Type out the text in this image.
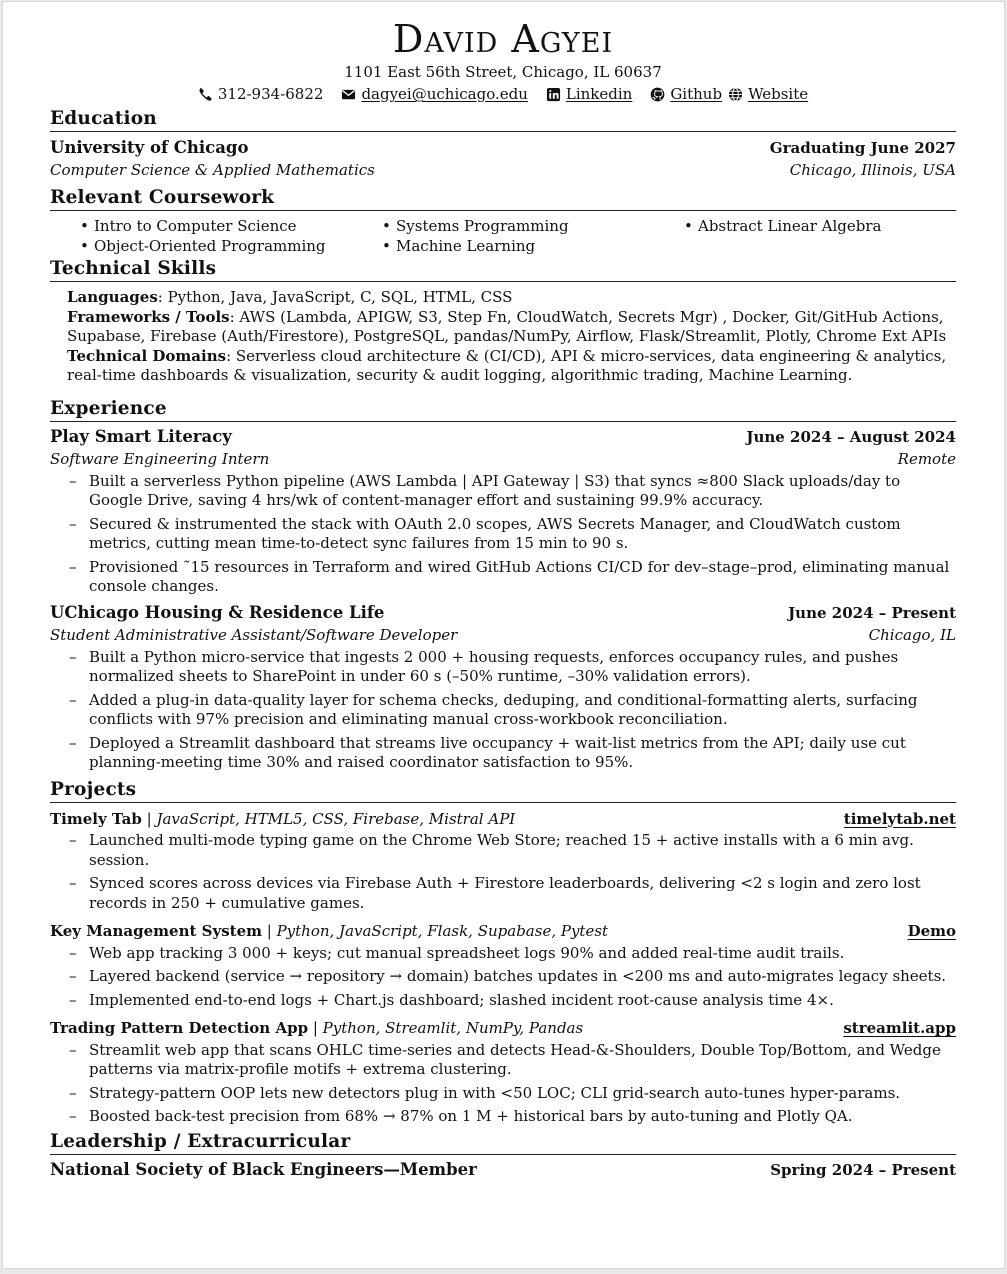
David Agyei
1101 East 56th Street, Chicago, IL 60637
312-934-6822	dagyei@uchicago.edu	Linkedin	Github Website
Education
University of Chicago	Graduating June 2027
Computer Science & Applied Mathematics	Chicago, Illinois, USA
Relevant Coursework
• Intro to Computer Science	• Systems Programming	• Abstract Linear Algebra
• Object-Oriented Programming	• Machine Learning
Technical Skills
Languages: Python, Java, JavaScript, C, SQL, HTML, CSS
Frameworks / Tools: AWS (Lambda, APIGW, S3, Step Fn, CloudWatch, Secrets Mgr) , Docker, Git/GitHub Actions, Supabase, Firebase (Auth/Firestore), PostgreSQL, pandas/NumPy, Airflow, Flask/Streamlit, Plotly, Chrome Ext APIs
Technical Domains: Serverless cloud architecture & (CI/CD), API & micro-services, data engineering & analytics, real-time dashboards & visualization, security & audit logging, algorithmic trading, Machine Learning.
Experience
Play Smart Literacy	June 2024 – August 2024
Software Engineering Intern	Remote
– Built a serverless Python pipeline (AWS Lambda | API Gateway | S3) that syncs ≈800 Slack uploads/day to Google Drive, saving 4 hrs/wk of content-manager effort and sustaining 99.9% accuracy.
– Secured & instrumented the stack with OAuth 2.0 scopes, AWS Secrets Manager, and CloudWatch custom metrics, cutting mean time-to-detect sync failures from 15 min to 90 s.
– Provisioned ˜15 resources in Terraform and wired GitHub Actions CI/CD for dev–stage–prod, eliminating manual console changes.
UChicago Housing & Residence Life	June 2024 – Present
Student Administrative Assistant/Software Developer	Chicago, IL
– Built a Python micro-service that ingests 2 000 + housing requests, enforces occupancy rules, and pushes normalized sheets to SharePoint in under 60 s (–50% runtime, –30% validation errors).
– Added a plug-in data-quality layer for schema checks, deduping, and conditional-formatting alerts, surfacing conflicts with 97% precision and eliminating manual cross-workbook reconciliation.
– Deployed a Streamlit dashboard that streams live occupancy + wait-list metrics from the API; daily use cut planning-meeting time 30% and raised coordinator satisfaction to 95%.
Projects
Timely Tab | JavaScript, HTML5, CSS, Firebase, Mistral API	timelytab.net
– Launched multi-mode typing game on the Chrome Web Store; reached 15 + active installs with a 6 min avg. session.
– Synced scores across devices via Firebase Auth + Firestore leaderboards, delivering <2 s login and zero lost records in 250 + cumulative games.
Key Management System | Python, JavaScript, Flask, Supabase, Pytest	Demo
– Web app tracking 3 000 + keys; cut manual spreadsheet logs 90% and added real-time audit trails.
– Layered backend (service → repository → domain) batches updates in <200 ms and auto-migrates legacy sheets.
– Implemented end-to-end logs + Chart.js dashboard; slashed incident root-cause analysis time 4×.
Trading Pattern Detection App | Python, Streamlit, NumPy, Pandas	streamlit.app
– Streamlit web app that scans OHLC time-series and detects Head-&-Shoulders, Double Top/Bottom, and Wedge patterns via matrix-profile motifs + extrema clustering.
– Strategy-pattern OOP lets new detectors plug in with <50 LOC; CLI grid-search auto-tunes hyper-params.
– Boosted back-test precision from 68% → 87% on 1 M + historical bars by auto-tuning and Plotly QA.
Leadership / Extracurricular
National Society of Black Engineers—Member	Spring 2024 – Present
